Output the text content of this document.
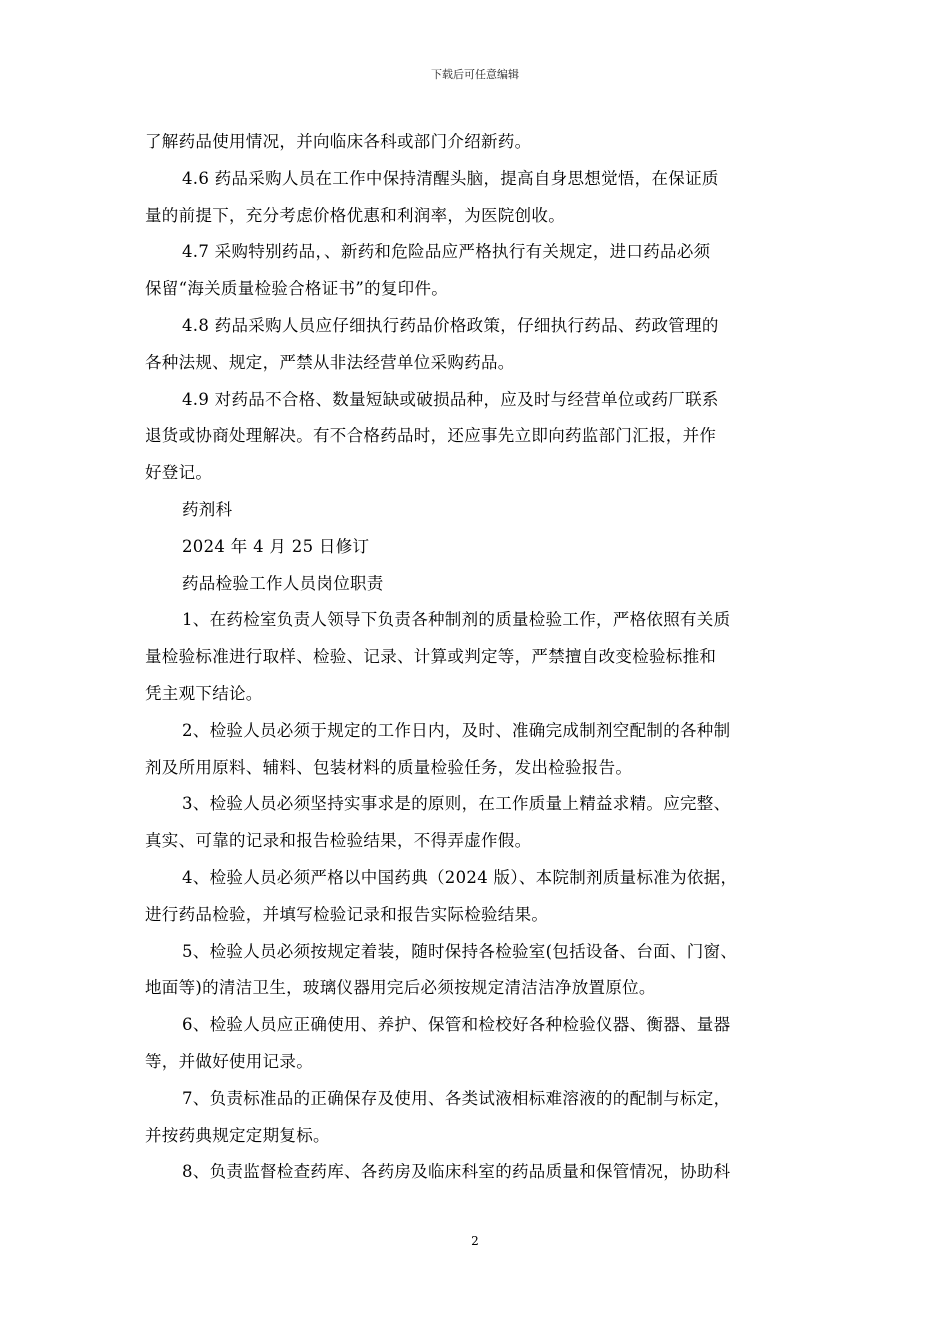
下载后可任意编辑
了解药品使用情况，并向临床各科或部门介绍新药。
4.6 药品采购人员在工作中保持清醒头脑，提高自身思想觉悟，在保证质
量的前提下，充分考虑价格优惠和利润率，为医院创收。
4.7 采购特别药品，、新药和危险品应严格执行有关规定，进口药品必须
保留“海关质量检验合格证书”的复印件。
4.8 药品采购人员应仔细执行药品价格政策，仔细执行药品、药政管理的
各种法规、规定，严禁从非法经营单位采购药品。
4.9 对药品不合格、数量短缺或破损品种，应及时与经营单位或药厂联系
退货或协商处理解决。有不合格药品时，还应事先立即向药监部门汇报，并作
好登记。
药剂科
2024 年 4 月 25 日修订
药品检验工作人员岗位职责
1、在药检室负责人领导下负责各种制剂的质量检验工作，严格依照有关质
量检验标准进行取样、检验、记录、计算或判定等，严禁擅自改变检验标推和
凭主观下结论。
2、检验人员必须于规定的工作日内，及时、准确完成制剂空配制的各种制
剂及所用原料、辅料、包装材料的质量检验任务，发出检验报告。
3、检验人员必须坚持实事求是的原则，在工作质量上精益求精。应完整、
真实、可靠的记录和报告检验结果，不得弄虚作假。
4、检验人员必须严格以中国药典（2024 版）、本院制剂质量标准为依据，
进行药品检验，并填写检验记录和报告实际检验结果。
5、检验人员必须按规定着装，随时保持各检验室(包括设备、台面、门窗、
地面等)的清洁卫生，玻璃仪器用完后必须按规定清洁洁净放置原位。
6、检验人员应正确使用、养护、保管和检校好各种检验仪器、衡器、量器
等，并做好使用记录。
7、负责标准品的正确保存及使用、各类试液相标难溶液的的配制与标定，
并按药典规定定期复标。
8、负责监督检查药库、各药房及临床科室的药品质量和保管情况，协助科
2
